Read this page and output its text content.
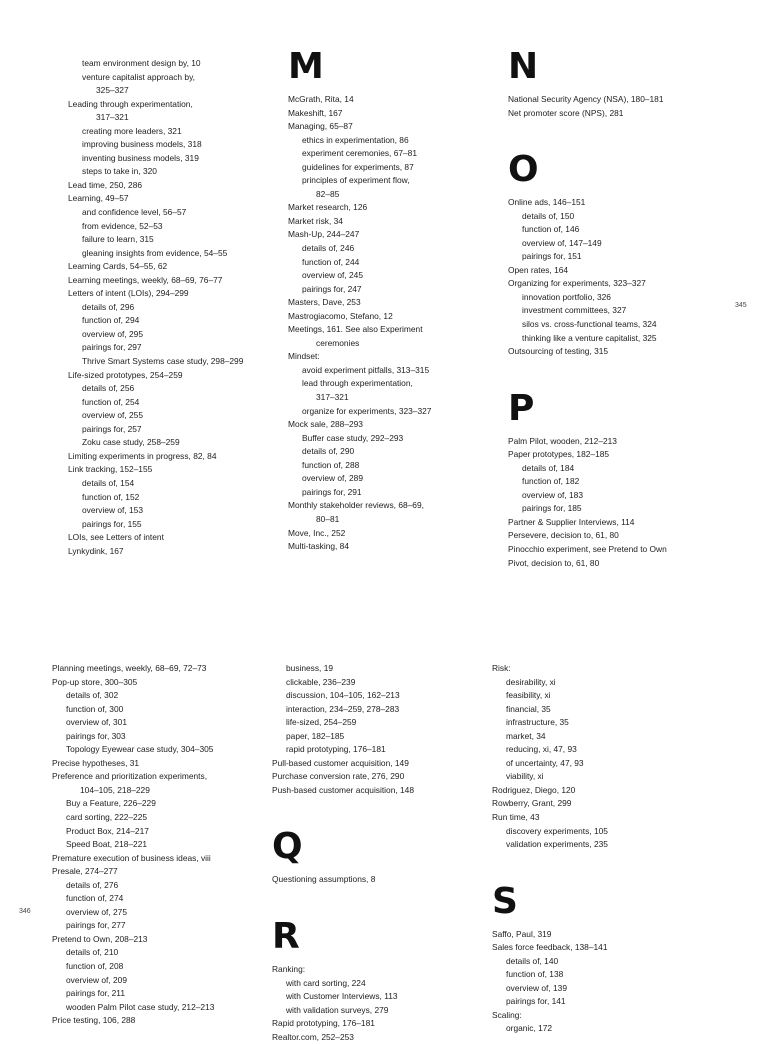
team environment design by, 10
venture capitalist approach by,
325–327
Leading through experimentation,
317–321
creating more leaders, 321
improving business models, 318
inventing business models, 319
steps to take in, 320
Lead time, 250, 286
Learning, 49–57
and confidence level, 56–57
from evidence, 52–53
failure to learn, 315
gleaning insights from evidence, 54–55
Learning Cards, 54–55, 62
Learning meetings, weekly, 68–69, 76–77
Letters of intent (LOIs), 294–299
details of, 296
function of, 294
overview of, 295
pairings for, 297
Thrive Smart Systems case study, 298–299
Life-sized prototypes, 254–259
details of, 256
function of, 254
overview of, 255
pairings for, 257
Zoku case study, 258–259
Limiting experiments in progress, 82, 84
Link tracking, 152–155
details of, 154
function of, 152
overview of, 153
pairings for, 155
LOIs, see Letters of intent
Lynkydink, 167
M
McGrath, Rita, 14
Makeshift, 167
Managing, 65–87
ethics in experimentation, 86
experiment ceremonies, 67–81
guidelines for experiments, 87
principles of experiment flow,
82–85
Market research, 126
Market risk, 34
Mash-Up, 244–247
details of, 246
function of, 244
overview of, 245
pairings for, 247
Masters, Dave, 253
Mastrogiacomo, Stefano, 12
Meetings, 161. See also Experiment
ceremonies
Mindset:
avoid experiment pitfalls, 313–315
lead through experimentation,
317–321
organize for experiments, 323–327
Mock sale, 288–293
Buffer case study, 292–293
details of, 290
function of, 288
overview of, 289
pairings for, 291
Monthly stakeholder reviews, 68–69,
80–81
Move, Inc., 252
Multi-tasking, 84
N
National Security Agency (NSA), 180–181
Net promoter score (NPS), 281
O
Online ads, 146–151
details of, 150
function of, 146
overview of, 147–149
pairings for, 151
Open rates, 164
Organizing for experiments, 323–327
innovation portfolio, 326
investment committees, 327
silos vs. cross-functional teams, 324
thinking like a venture capitalist, 325
Outsourcing of testing, 315
P
Palm Pilot, wooden, 212–213
Paper prototypes, 182–185
details of, 184
function of, 182
overview of, 183
pairings for, 185
Partner & Supplier Interviews, 114
Persevere, decision to, 61, 80
Pinocchio experiment, see Pretend to Own
Pivot, decision to, 61, 80
345
Planning meetings, weekly, 68–69, 72–73
Pop-up store, 300–305
details of, 302
function of, 300
overview of, 301
pairings for, 303
Topology Eyewear case study, 304–305
Precise hypotheses, 31
Preference and prioritization experiments,
104–105, 218–229
Buy a Feature, 226–229
card sorting, 222–225
Product Box, 214–217
Speed Boat, 218–221
Premature execution of business ideas, viii
Presale, 274–277
details of, 276
function of, 274
overview of, 275
pairings for, 277
Pretend to Own, 208–213
details of, 210
function of, 208
overview of, 209
pairings for, 211
wooden Palm Pilot case study, 212–213
Price testing, 106, 288
business, 19
clickable, 236–239
discussion, 104–105, 162–213
interaction, 234–259, 278–283
life-sized, 254–259
paper, 182–185
rapid prototyping, 176–181
Pull-based customer acquisition, 149
Purchase conversion rate, 276, 290
Push-based customer acquisition, 148
Q
Questioning assumptions, 8
R
Ranking:
with card sorting, 224
with Customer Interviews, 113
with validation surveys, 279
Rapid prototyping, 176–181
Realtor.com, 252–253
Risk:
desirability, xi
feasibility, xi
financial, 35
infrastructure, 35
market, 34
reducing, xi, 47, 93
of uncertainty, 47, 93
viability, xi
Rodriguez, Diego, 120
Rowberry, Grant, 299
Run time, 43
discovery experiments, 105
validation experiments, 235
S
Saffo, Paul, 319
Sales force feedback, 138–141
details of, 140
function of, 138
overview of, 139
pairings for, 141
Scaling:
organic, 172
346
